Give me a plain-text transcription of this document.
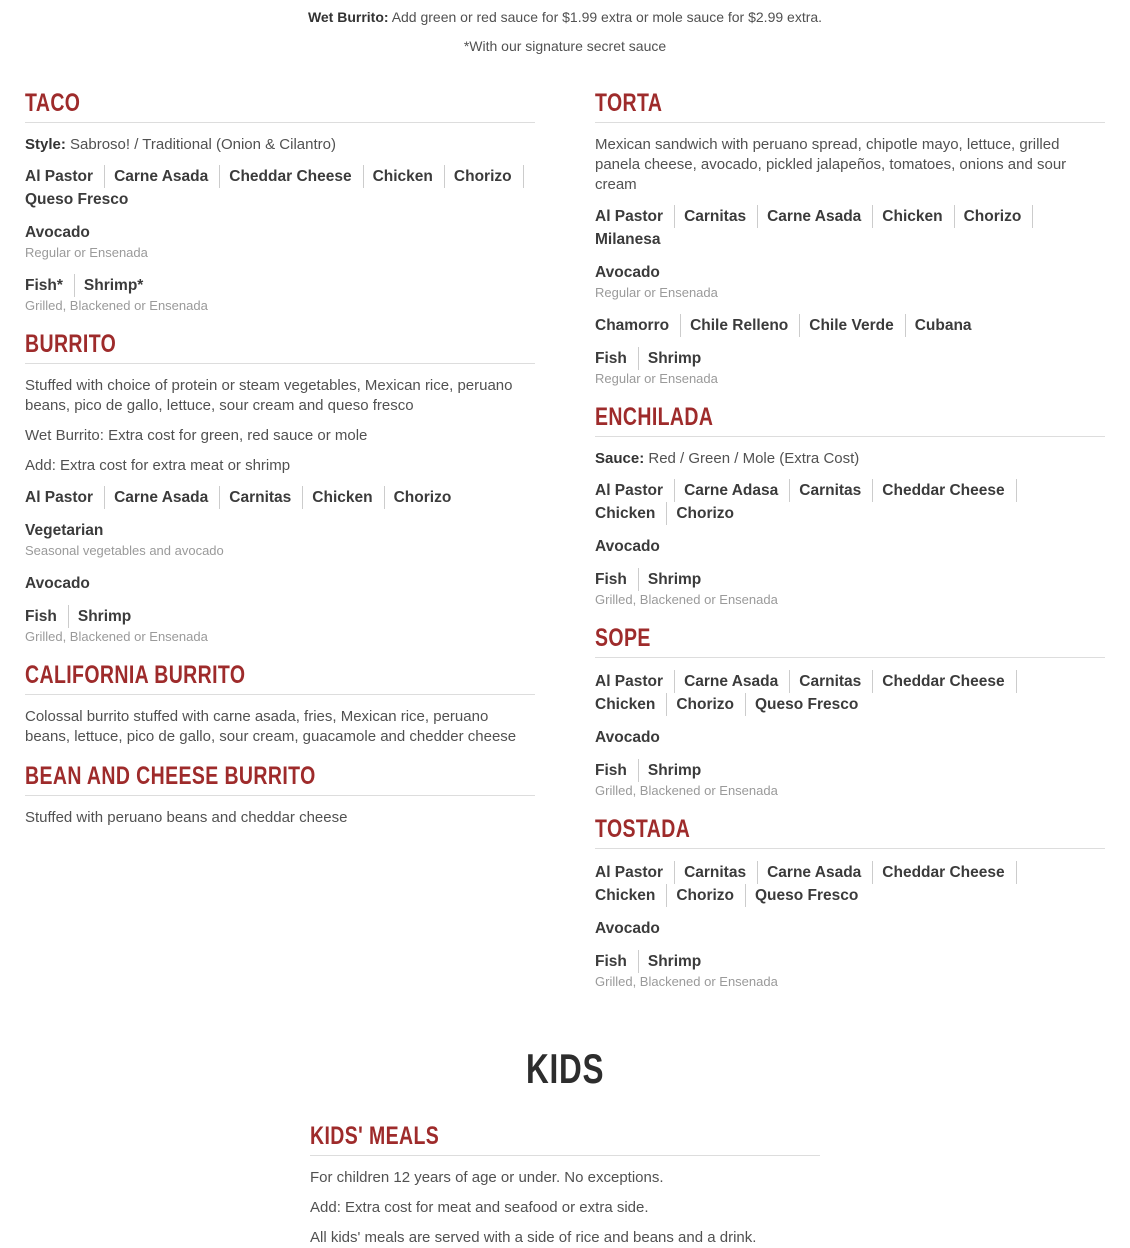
Wet Burrito: Add green or red sauce for $1.99 extra or mole sauce for $2.99 extra.

*With our signature secret sauce

TACO

Style: Sabroso! / Traditional (Onion & Cilantro)

Al Pastor Carne Asada Cheddar Cheese Chicken ChorizoQueso Fresco
Avocado
Regular or Ensenada
Fish* Shrimp*
Grilled, Blackened or Ensenada
BURRITO

Stuffed with choice of protein or steam vegetables, Mexican rice, peruano beans, pico de gallo, lettuce, sour cream and queso fresco

Wet Burrito: Extra cost for green, red sauce or mole

Add: Extra cost for extra meat or shrimp

Al Pastor Carne Asada Carnitas Chicken Chorizo
Vegetarian
Seasonal vegetables and avocado
Avocado
Fish Shrimp
Grilled, Blackened or Ensenada
CALIFORNIA BURRITO

Colossal burrito stuffed with carne asada, fries, Mexican rice, peruano beans, lettuce, pico de gallo, sour cream, guacamole and chedder cheese

BEAN AND CHEESE BURRITO

Stuffed with peruano beans and cheddar cheese

TORTA

Mexican sandwich with peruano spread, chipotle mayo, lettuce, grilled panela cheese, avocado, pickled jalapeños, tomatoes, onions and sour cream

Al Pastor Carnitas Carne Asada Chicken ChorizoMilanesa
Avocado
Regular or Ensenada
Chamorro Chile Relleno Chile Verde Cubana
Fish Shrimp
Regular or Ensenada
ENCHILADA

Sauce: Red / Green / Mole (Extra Cost)

Al Pastor Carne Adasa Carnitas Cheddar CheeseChicken Chorizo
Avocado
Fish Shrimp
Grilled, Blackened or Ensenada
SOPE
Al Pastor Carne Asada Carnitas Cheddar CheeseChicken Chorizo Queso Fresco
Avocado
Fish Shrimp
Grilled, Blackened or Ensenada
TOSTADA
Al Pastor Carnitas Carne Asada Cheddar CheeseChicken Chorizo Queso Fresco
Avocado
Fish Shrimp
Grilled, Blackened or Ensenada
KIDS
KIDS' MEALS

For children 12 years of age or under. No exceptions.

Add: Extra cost for meat and seafood or extra side.

All kids' meals are served with a side of rice and beans and a drink.
